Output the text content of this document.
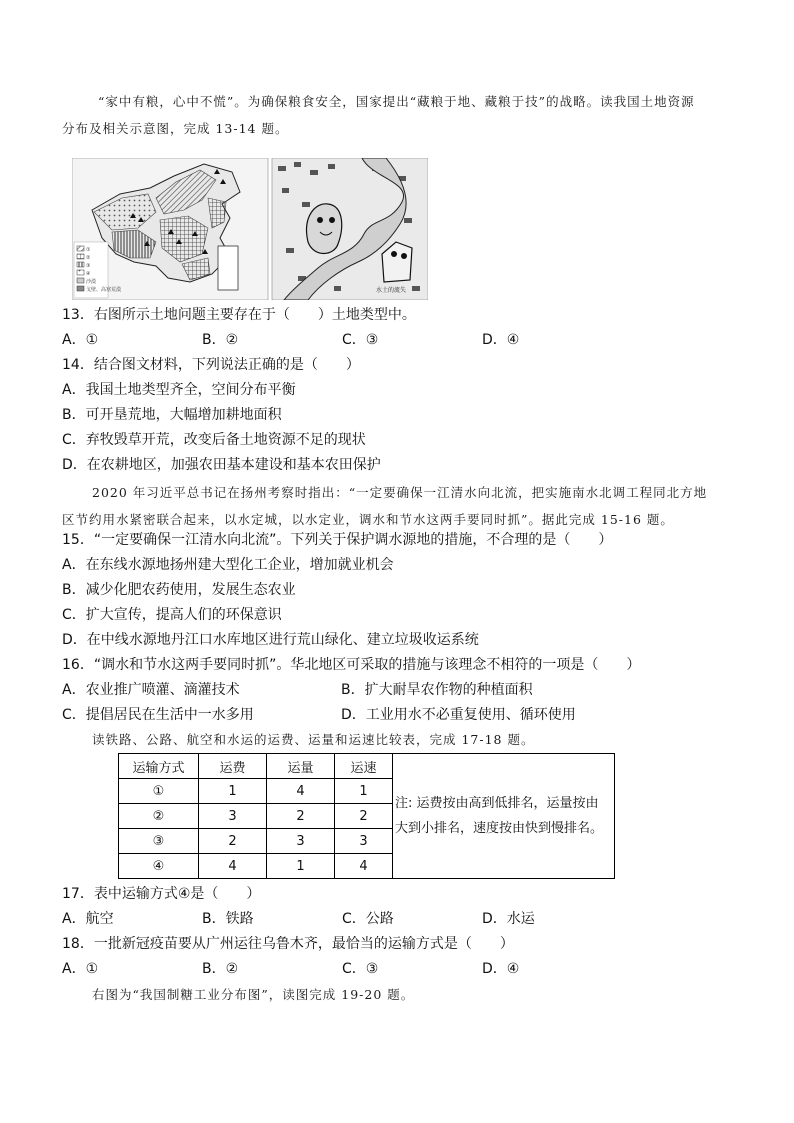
“家中有粮，心中不慌”。为确保粮食安全，国家提出“藏粮于地、藏粮于技”的战略。读我国土地资源
分布及相关示意图，完成 13-14 题。
①
②
③
④
沙漠
戈壁、高寒荒漠	水土的流失
13．右图所示土地问题主要存在于（　　）土地类型中。
A．①	B．②	C．③	D．④
14．结合图文材料，下列说法正确的是（　　）
A．我国土地类型齐全，空间分布平衡
B．可开垦荒地，大幅增加耕地面积
C．弃牧毁草开荒，改变后备土地资源不足的现状
D．在农耕地区，加强农田基本建设和基本农田保护
2020 年习近平总书记在扬州考察时指出：“一定要确保一江清水向北流，把实施南水北调工程同北方地
区节约用水紧密联合起来，以水定城，以水定业，调水和节水这两手要同时抓”。据此完成 15-16 题。
15．“一定要确保一江清水向北流”。下列关于保护调水源地的措施，不合理的是（　　）
A．在东线水源地扬州建大型化工企业，增加就业机会
B．减少化肥农药使用，发展生态农业
C．扩大宣传，提高人们的环保意识
D．在中线水源地丹江口水库地区进行荒山绿化、建立垃圾收运系统
16．“调水和节水这两手要同时抓”。华北地区可采取的措施与该理念不相符的一项是（　　）
A．农业推广喷灌、滴灌技术	B．扩大耐旱农作物的种植面积
C．提倡居民在生活中一水多用	D．工业用水不必重复使用、循环使用
读铁路、公路、航空和水运的运费、运量和运速比较表，完成 17-18 题。
运输方式	运费	运量	运速	注: 运费按由高到低排名，运量按由
大到小排名，速度按由快到慢排名。

①	1	4	1	
②	3	2	2	
③	2	3	3	
④	4	1	4	
17．表中运输方式④是（　　）
A．航空	B．铁路	C．公路	D．水运
18．一批新冠疫苗要从广州运往乌鲁木齐，最恰当的运输方式是（　　）
A．①	B．②	C．③	D．④
右图为“我国制糖工业分布图”，读图完成 19-20 题。
